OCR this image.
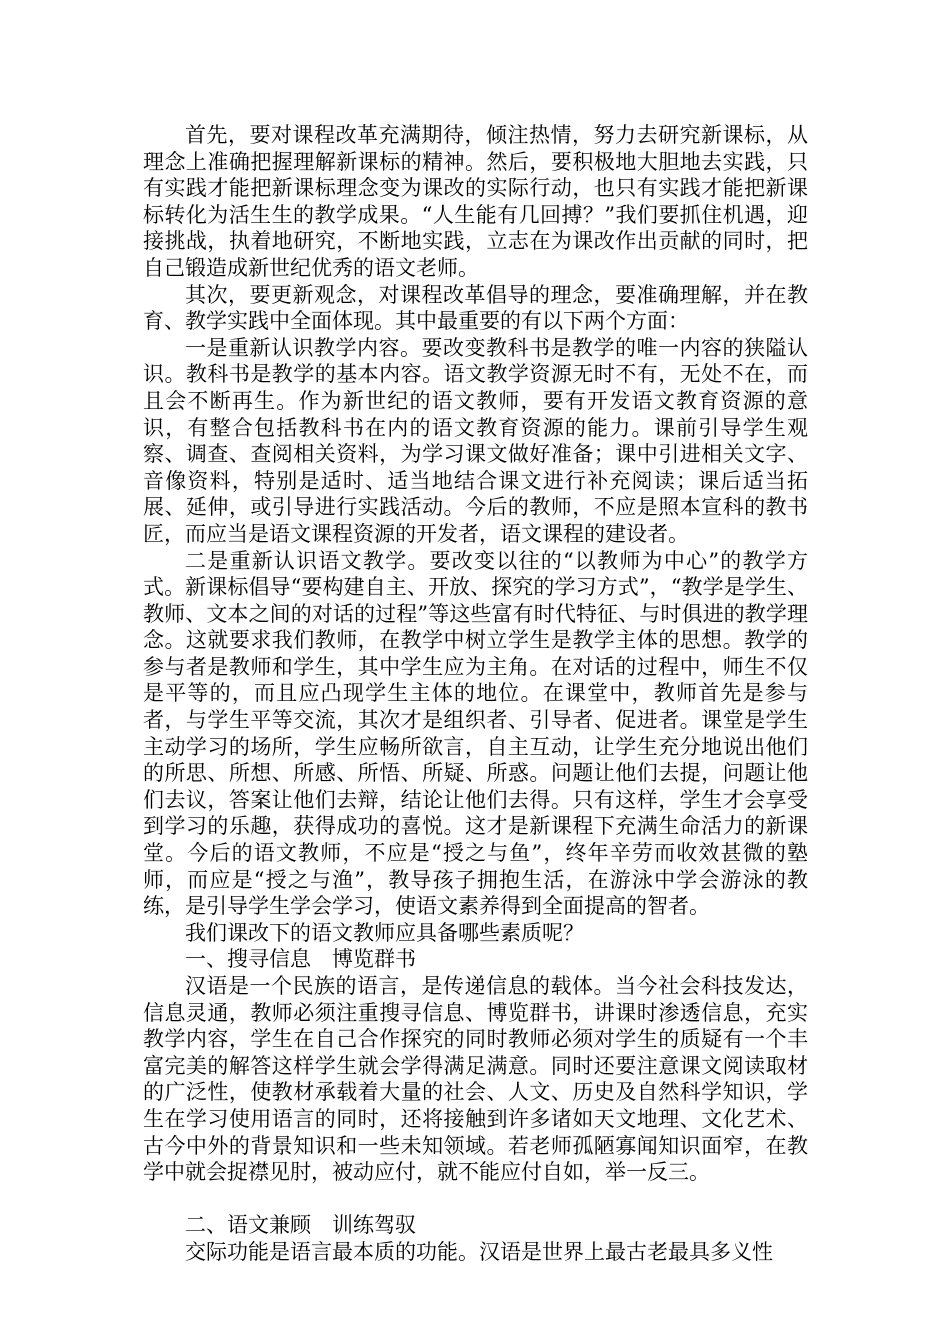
首先，要对课程改革充满期待，倾注热情，努力去研究新课标，从理念上准确把握理解新课标的精神。然后，要积极地大胆地去实践，只有实践才能把新课标理念变为课改的实际行动，也只有实践才能把新课标转化为活生生的教学成果。“人生能有几回搏？”我们要抓住机遇，迎接挑战，执着地研究，不断地实践，立志在为课改作出贡献的同时，把自己锻造成新世纪优秀的语文老师。

其次，要更新观念，对课程改革倡导的理念，要准确理解，并在教育、教学实践中全面体现。其中最重要的有以下两个方面：

一是重新认识教学内容。要改变教科书是教学的唯一内容的狭隘认识。教科书是教学的基本内容。语文教学资源无时不有，无处不在，而且会不断再生。作为新世纪的语文教师，要有开发语文教育资源的意识，有整合包括教科书在内的语文教育资源的能力。课前引导学生观察、调查、查阅相关资料，为学习课文做好准备；课中引进相关文字、音像资料，特别是适时、适当地结合课文进行补充阅读；课后适当拓展、延伸，或引导进行实践活动。今后的教师，不应是照本宣科的教书匠，而应当是语文课程资源的开发者，语文课程的建设者。

二是重新认识语文教学。要改变以往的“以教师为中心”的教学方式。新课标倡导“要构建自主、开放、探究的学习方式”，“教学是学生、教师、文本之间的对话的过程”等这些富有时代特征、与时俱进的教学理念。这就要求我们教师，在教学中树立学生是教学主体的思想。教学的参与者是教师和学生，其中学生应为主角。在对话的过程中，师生不仅是平等的，而且应凸现学生主体的地位。在课堂中，教师首先是参与者，与学生平等交流，其次才是组织者、引导者、促进者。课堂是学生主动学习的场所，学生应畅所欲言，自主互动，让学生充分地说出他们的所思、所想、所感、所悟、所疑、所惑。问题让他们去提，问题让他们去议，答案让他们去辩，结论让他们去得。只有这样，学生才会享受到学习的乐趣，获得成功的喜悦。这才是新课程下充满生命活力的新课堂。今后的语文教师，不应是“授之与鱼”，终年辛劳而收效甚微的塾师，而应是“授之与渔”，教导孩子拥抱生活，在游泳中学会游泳的教练，是引导学生学会学习，使语文素养得到全面提高的智者。

我们课改下的语文教师应具备哪些素质呢？

一、搜寻信息　博览群书

汉语是一个民族的语言，是传递信息的载体。当今社会科技发达，信息灵通，教师必须注重搜寻信息、博览群书，讲课时渗透信息，充实教学内容，学生在自己合作探究的同时教师必须对学生的质疑有一个丰富完美的解答这样学生就会学得满足满意。同时还要注意课文阅读取材的广泛性，使教材承载着大量的社会、人文、历史及自然科学知识，学生在学习使用语言的同时，还将接触到许多诸如天文地理、文化艺术、古今中外的背景知识和一些未知领域。若老师孤陋寡闻知识面窄，在教学中就会捉襟见肘，被动应付，就不能应付自如，举一反三。

二、语文兼顾　训练驾驭

交际功能是语言最本质的功能。汉语是世界上最古老最具多义性
